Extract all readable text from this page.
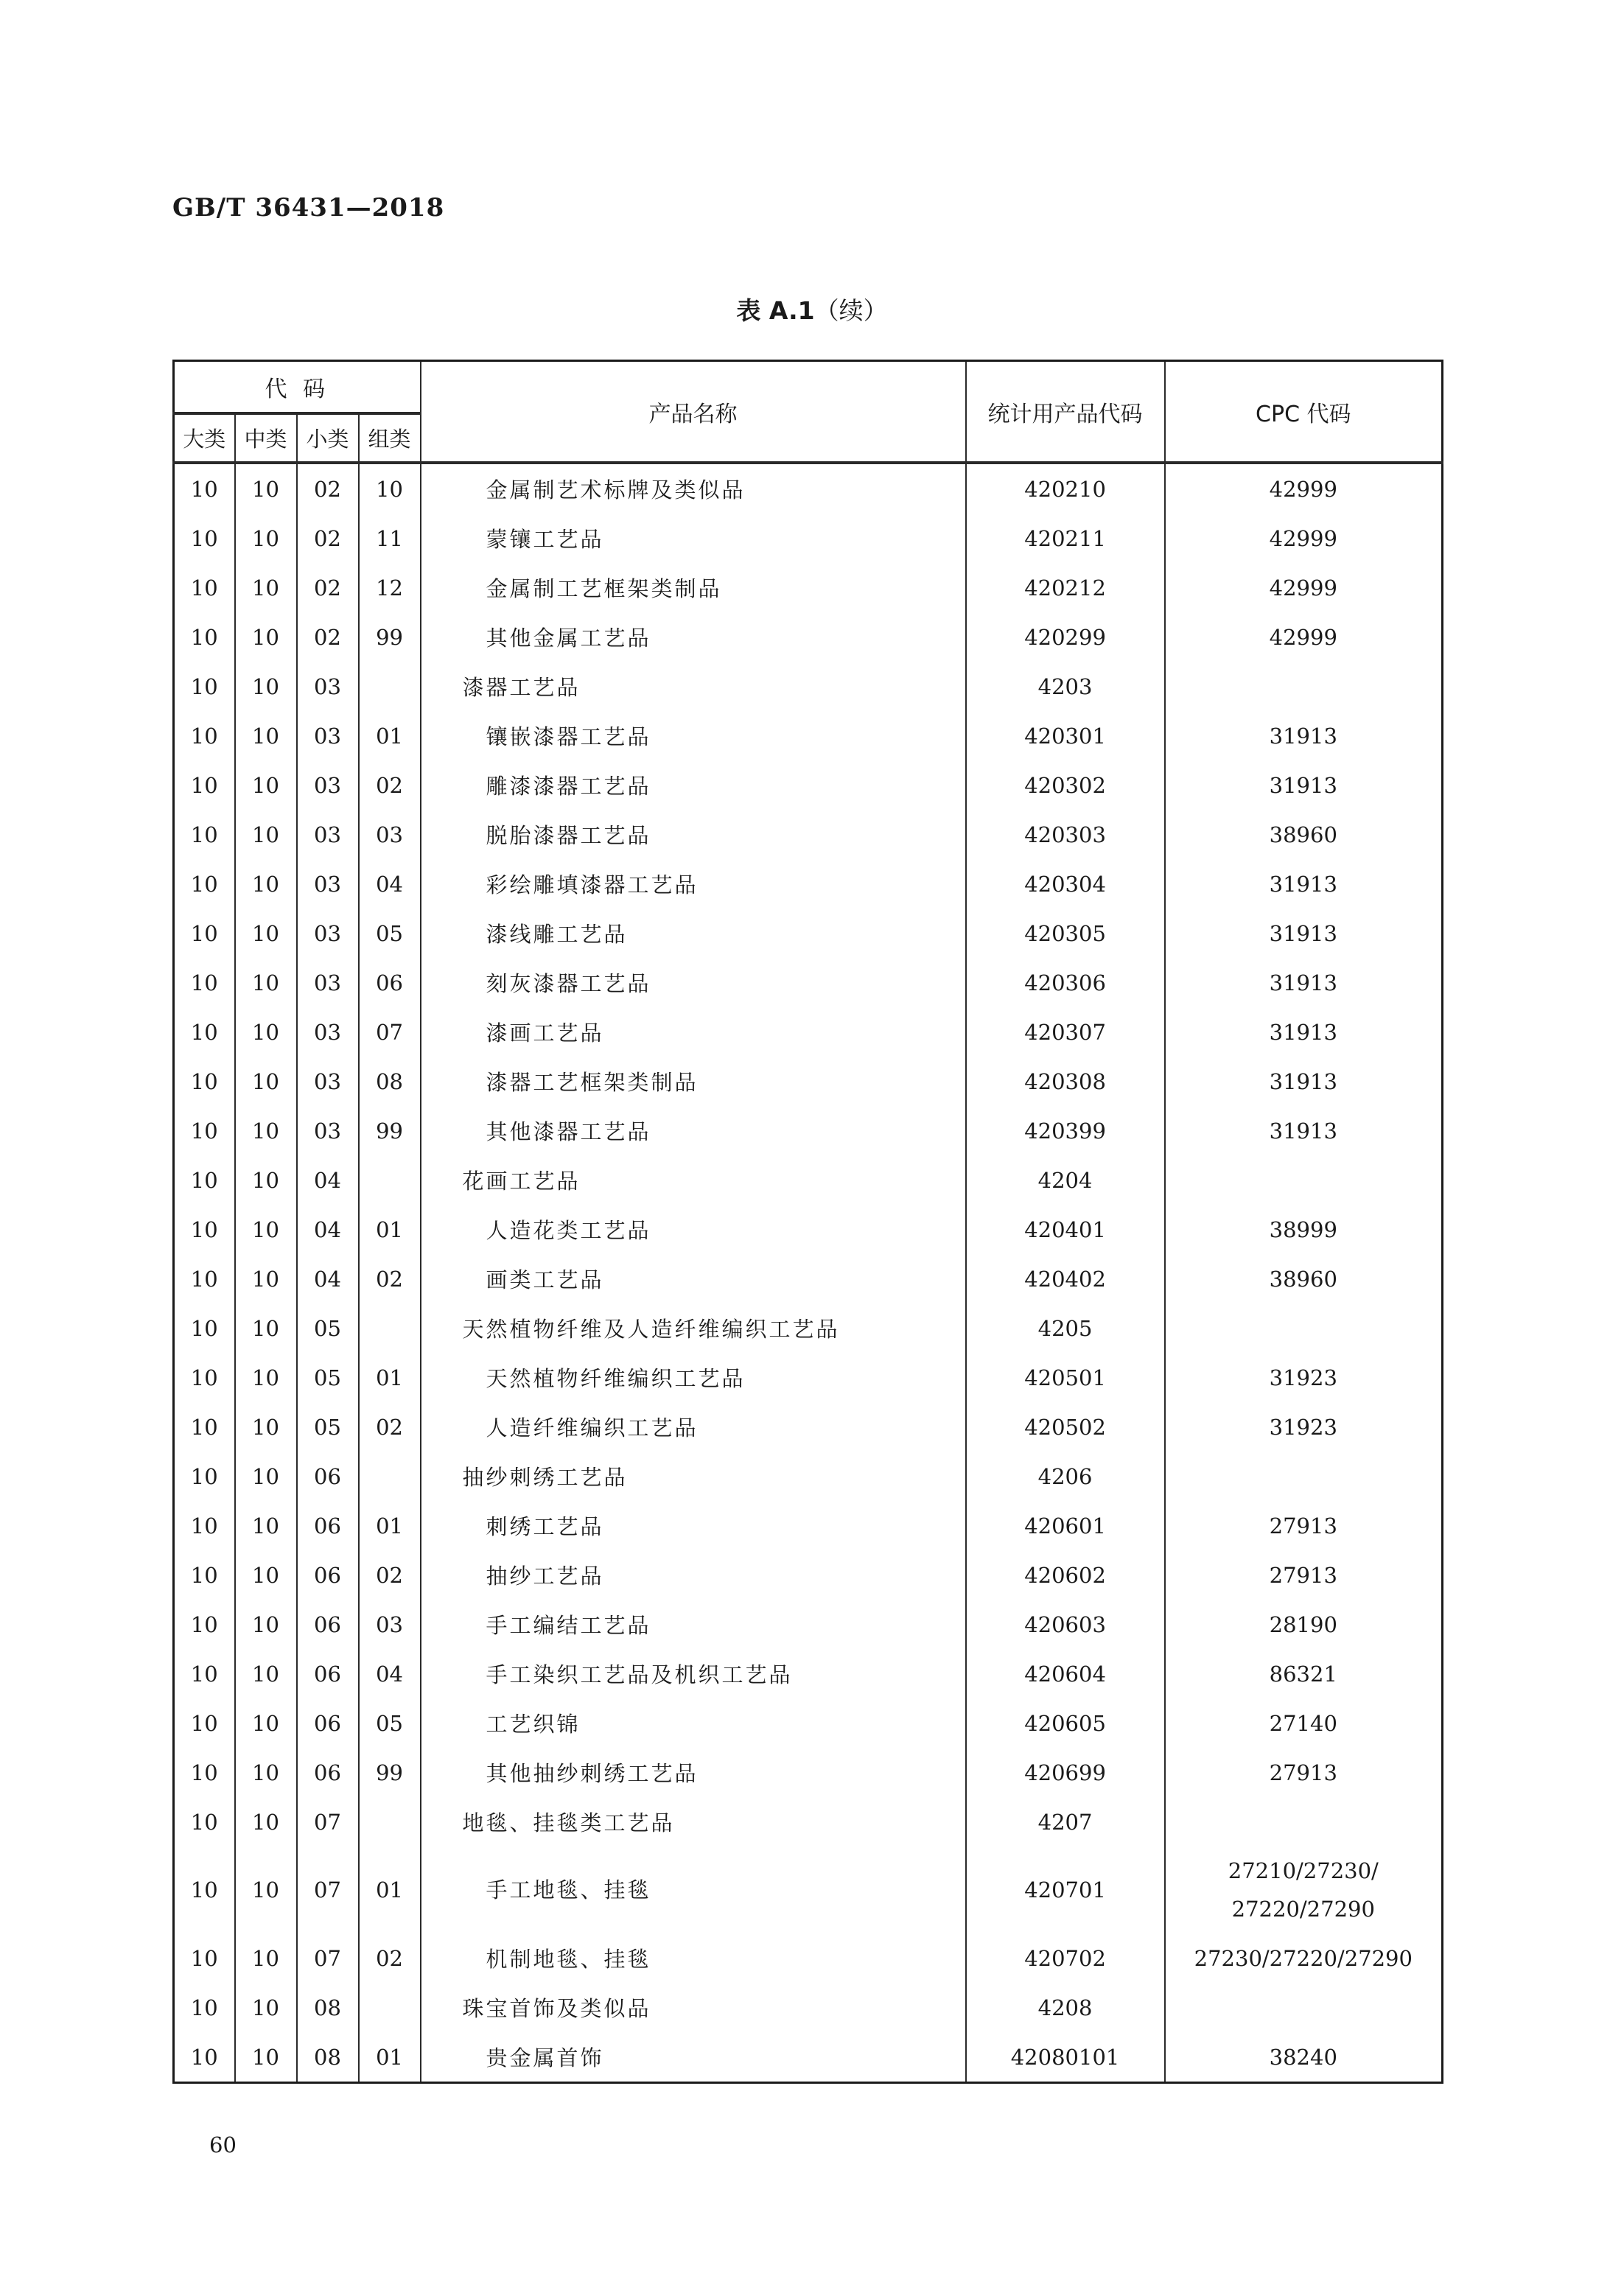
GB/T 36431—2018
表 A.1（续）
代 码				产品名称	统计用产品代码	CPC 代码
大类	中类	小类	组类			
10	10	02	10	金属制艺术标牌及类似品	420210	42999
10	10	02	11	蒙镶工艺品	420211	42999
10	10	02	12	金属制工艺框架类制品	420212	42999
10	10	02	99	其他金属工艺品	420299	42999
10	10	03		漆器工艺品	4203	
10	10	03	01	镶嵌漆器工艺品	420301	31913
10	10	03	02	雕漆漆器工艺品	420302	31913
10	10	03	03	脱胎漆器工艺品	420303	38960
10	10	03	04	彩绘雕填漆器工艺品	420304	31913
10	10	03	05	漆线雕工艺品	420305	31913
10	10	03	06	刻灰漆器工艺品	420306	31913
10	10	03	07	漆画工艺品	420307	31913
10	10	03	08	漆器工艺框架类制品	420308	31913
10	10	03	99	其他漆器工艺品	420399	31913
10	10	04		花画工艺品	4204	
10	10	04	01	人造花类工艺品	420401	38999
10	10	04	02	画类工艺品	420402	38960
10	10	05		天然植物纤维及人造纤维编织工艺品	4205	
10	10	05	01	天然植物纤维编织工艺品	420501	31923
10	10	05	02	人造纤维编织工艺品	420502	31923
10	10	06		抽纱刺绣工艺品	4206	
10	10	06	01	刺绣工艺品	420601	27913
10	10	06	02	抽纱工艺品	420602	27913
10	10	06	03	手工编结工艺品	420603	28190
10	10	06	04	手工染织工艺品及机织工艺品	420604	86321
10	10	06	05	工艺织锦	420605	27140
10	10	06	99	其他抽纱刺绣工艺品	420699	27913
10	10	07		地毯、挂毯类工艺品	4207	
10	10	07	01	手工地毯、挂毯	420701	27210/27230/
27220/27290

10	10	07	02	机制地毯、挂毯	420702	27230/27220/27290
10	10	08		珠宝首饰及类似品	4208	
10	10	08	01	贵金属首饰	42080101	38240
60
